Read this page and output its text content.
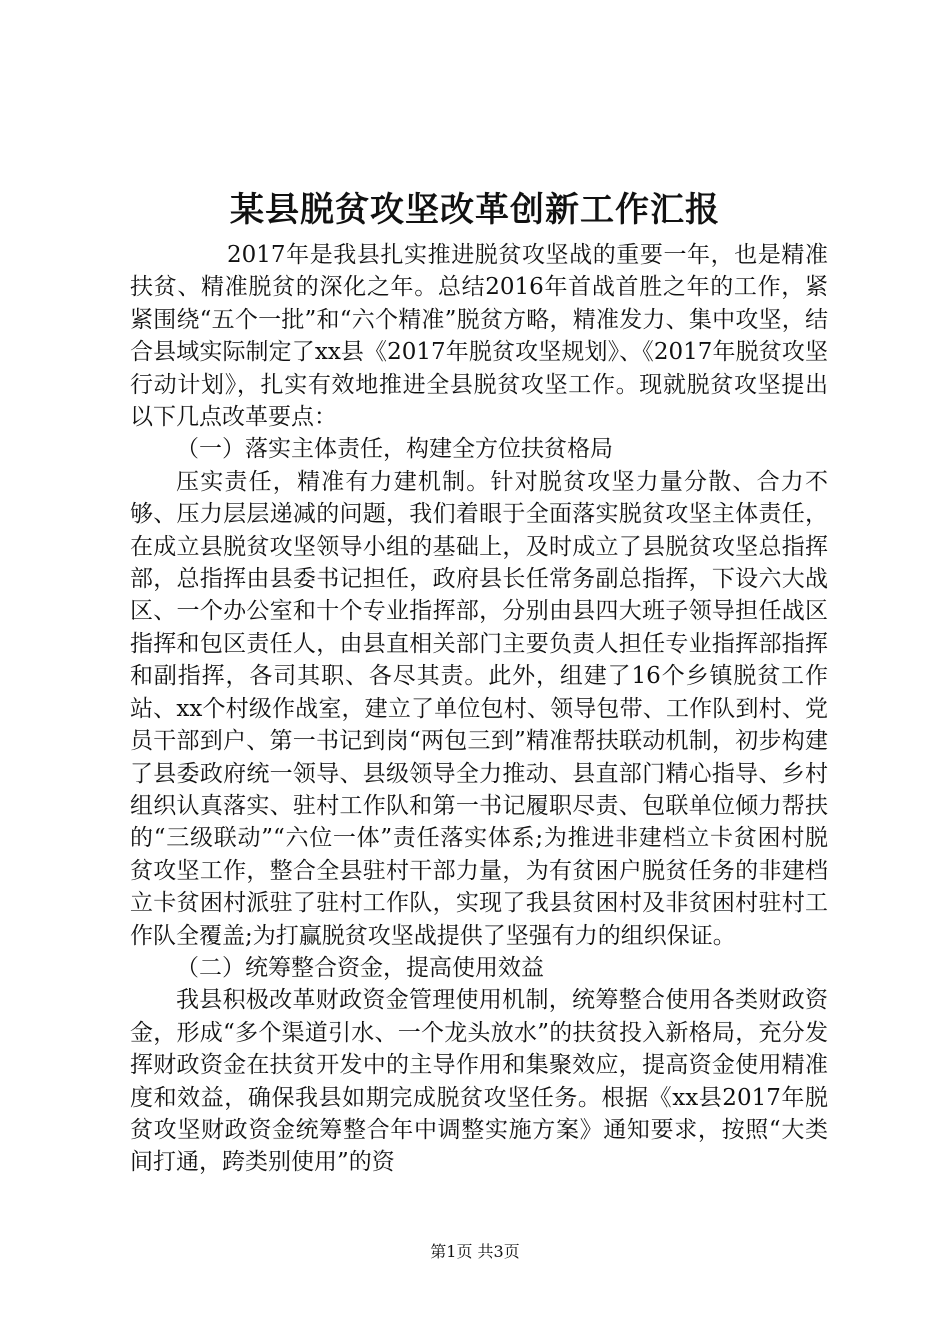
某县脱贫攻坚改革创新工作汇报

2017年是我县扎实推进脱贫攻坚战的重要一年，也是精准扶贫、精准脱贫的深化之年。总结2016年首战首胜之年的工作，紧紧围绕“五个一批”和“六个精准”脱贫方略，精准发力、集中攻坚，结合县域实际制定了xx县《2017年脱贫攻坚规划》、《2017年脱贫攻坚行动计划》，扎实有效地推进全县脱贫攻坚工作。现就脱贫攻坚提出以下几点改革要点：

（一）落实主体责任，构建全方位扶贫格局

压实责任，精准有力建机制。针对脱贫攻坚力量分散、合力不够、压力层层递减的问题，我们着眼于全面落实脱贫攻坚主体责任，在成立县脱贫攻坚领导小组的基础上，及时成立了县脱贫攻坚总指挥部，总指挥由县委书记担任，政府县长任常务副总指挥，下设六大战区、一个办公室和十个专业指挥部，分别由县四大班子领导担任战区指挥和包区责任人，由县直相关部门主要负责人担任专业指挥部指挥和副指挥，各司其职、各尽其责。此外，组建了16个乡镇脱贫工作站、xx个村级作战室，建立了单位包村、领导包带、工作队到村、党员干部到户、第一书记到岗“两包三到”精准帮扶联动机制，初步构建了县委政府统一领导、县级领导全力推动、县直部门精心指导、乡村组织认真落实、驻村工作队和第一书记履职尽责、包联单位倾力帮扶的“三级联动”“六位一体”责任落实体系;为推进非建档立卡贫困村脱贫攻坚工作，整合全县驻村干部力量，为有贫困户脱贫任务的非建档立卡贫困村派驻了驻村工作队，实现了我县贫困村及非贫困村驻村工作队全覆盖;为打赢脱贫攻坚战提供了坚强有力的组织保证。

（二）统筹整合资金，提高使用效益

我县积极改革财政资金管理使用机制，统筹整合使用各类财政资金，形成“多个渠道引水、一个龙头放水”的扶贫投入新格局，充分发挥财政资金在扶贫开发中的主导作用和集聚效应，提高资金使用精准度和效益，确保我县如期完成脱贫攻坚任务。根据《xx县2017年脱贫攻坚财政资金统筹整合年中调整实施方案》通知要求，按照“大类间打通，跨类别使用”的资

第1页 共3页
